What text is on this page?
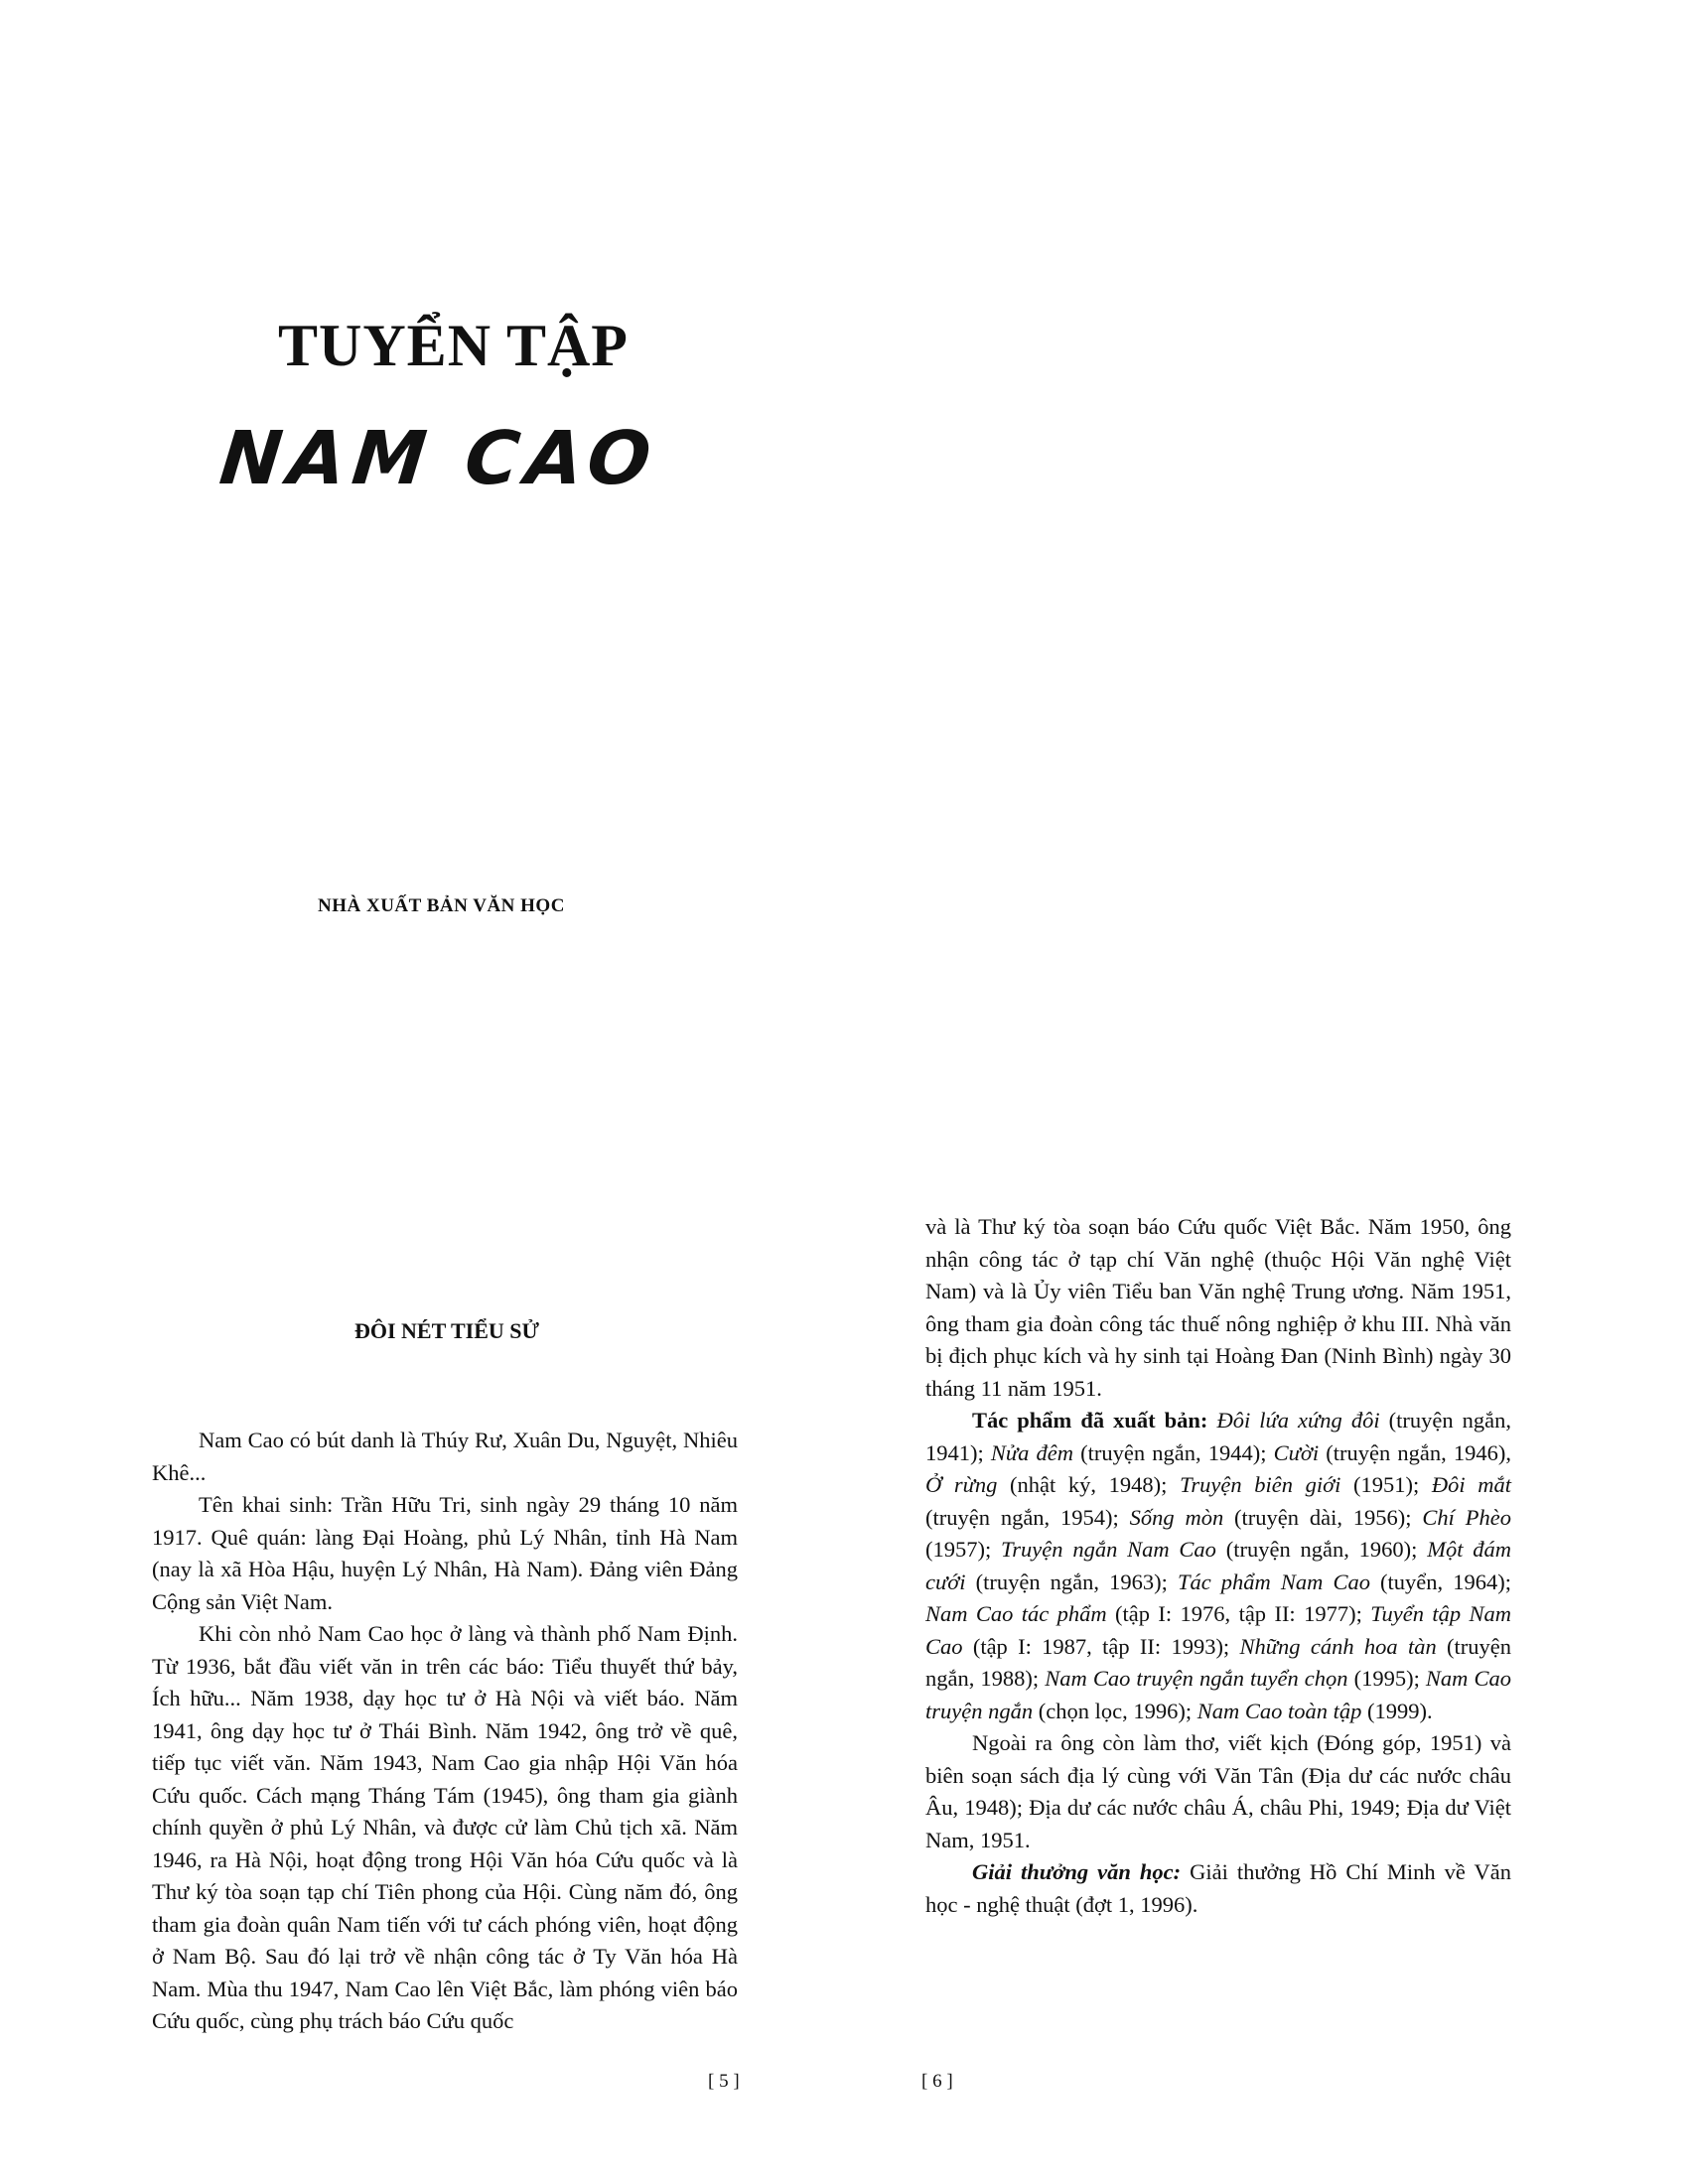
TUYỂN TẬP
NAM CAO
NHÀ XUẤT BẢN VĂN HỌC
ĐÔI NÉT TIỂU SỬ

Nam Cao có bút danh là Thúy Rư, Xuân Du, Nguyệt, Nhiêu Khê...

Tên khai sinh: Trần Hữu Tri, sinh ngày 29 tháng 10 năm 1917. Quê quán: làng Đại Hoàng, phủ Lý Nhân, tỉnh Hà Nam (nay là xã Hòa Hậu, huyện Lý Nhân, Hà Nam). Đảng viên Đảng Cộng sản Việt Nam.

Khi còn nhỏ Nam Cao học ở làng và thành phố Nam Định. Từ 1936, bắt đầu viết văn in trên các báo: Tiểu thuyết thứ bảy, Ích hữu... Năm 1938, dạy học tư ở Hà Nội và viết báo. Năm 1941, ông dạy học tư ở Thái Bình. Năm 1942, ông trở về quê, tiếp tục viết văn. Năm 1943, Nam Cao gia nhập Hội Văn hóa Cứu quốc. Cách mạng Tháng Tám (1945), ông tham gia giành chính quyền ở phủ Lý Nhân, và được cử làm Chủ tịch xã. Năm 1946, ra Hà Nội, hoạt động trong Hội Văn hóa Cứu quốc và là Thư ký tòa soạn tạp chí Tiên phong của Hội. Cùng năm đó, ông tham gia đoàn quân Nam tiến với tư cách phóng viên, hoạt động ở Nam Bộ. Sau đó lại trở về nhận công tác ở Ty Văn hóa Hà Nam. Mùa thu 1947, Nam Cao lên Việt Bắc, làm phóng viên báo Cứu quốc, cùng phụ trách báo Cứu quốc

và là Thư ký tòa soạn báo Cứu quốc Việt Bắc. Năm 1950, ông nhận công tác ở tạp chí Văn nghệ (thuộc Hội Văn nghệ Việt Nam) và là Ủy viên Tiểu ban Văn nghệ Trung ương. Năm 1951, ông tham gia đoàn công tác thuế nông nghiệp ở khu III. Nhà văn bị địch phục kích và hy sinh tại Hoàng Đan (Ninh Bình) ngày 30 tháng 11 năm 1951.

Tác phẩm đã xuất bản: Đôi lứa xứng đôi (truyện ngắn, 1941); Nửa đêm (truyện ngắn, 1944); Cười (truyện ngắn, 1946), Ở rừng (nhật ký, 1948); Truyện biên giới (1951); Đôi mắt (truyện ngắn, 1954); Sống mòn (truyện dài, 1956); Chí Phèo (1957); Truyện ngắn Nam Cao (truyện ngắn, 1960); Một đám cưới (truyện ngắn, 1963); Tác phẩm Nam Cao (tuyển, 1964); Nam Cao tác phẩm (tập I: 1976, tập II: 1977); Tuyển tập Nam Cao (tập I: 1987, tập II: 1993); Những cánh hoa tàn (truyện ngắn, 1988); Nam Cao truyện ngắn tuyển chọn (1995); Nam Cao truyện ngắn (chọn lọc, 1996); Nam Cao toàn tập (1999).

Ngoài ra ông còn làm thơ, viết kịch (Đóng góp, 1951) và biên soạn sách địa lý cùng với Văn Tân (Địa dư các nước châu Âu, 1948); Địa dư các nước châu Á, châu Phi, 1949; Địa dư Việt Nam, 1951.

Giải thưởng văn học: Giải thưởng Hồ Chí Minh về Văn học - nghệ thuật (đợt 1, 1996).

[ 5 ]	[ 6 ]
